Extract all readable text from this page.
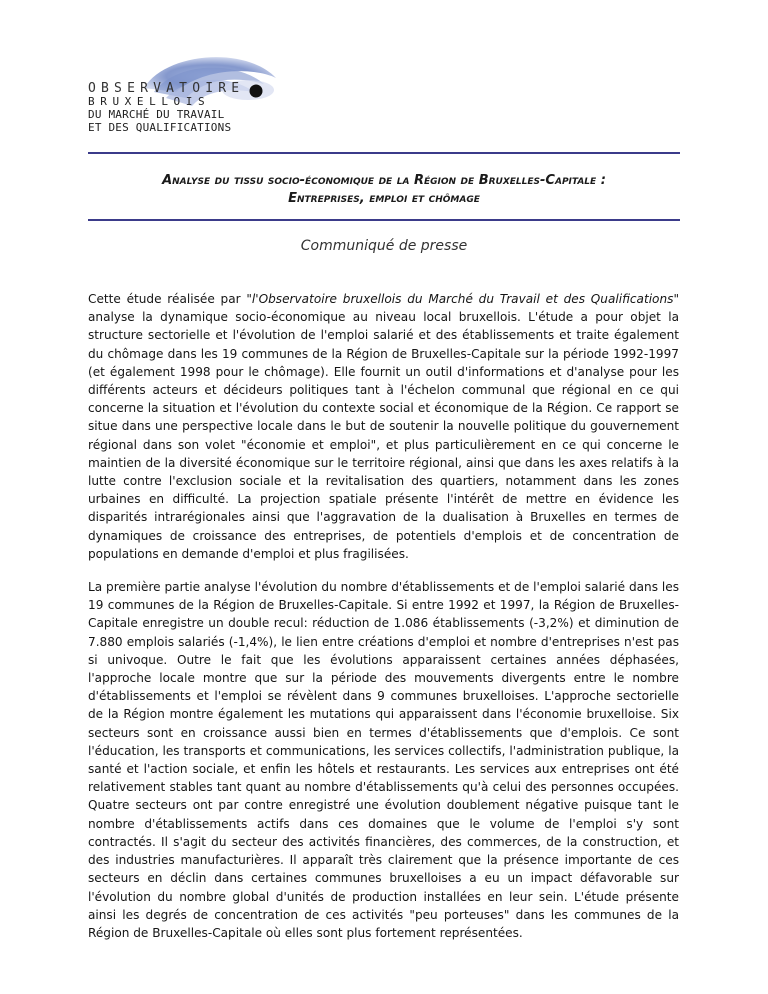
OBSERVATOIRE
BRUXELLOIS
DU MARCHÉ DU TRAVAIL
ET DES QUALIFICATIONS
Analyse du tissu socio-économique de la Région de Bruxelles-Capitale :
Entreprises, emploi et chômage
Communiqué de presse

Cette étude réalisée par "l'Observatoire bruxellois du Marché du Travail et des Qualifications" analyse la dynamique socio-économique au niveau local bruxellois. L'étude a pour objet la structure sectorielle et l'évolution de l'emploi salarié et des établissements et traite également du chômage dans les 19 communes de la Région de Bruxelles-Capitale sur la période 1992-1997 (et également 1998 pour le chômage). Elle fournit un outil d'informations et d'analyse pour les différents acteurs et décideurs politiques tant à l'échelon communal que régional en ce qui concerne la situation et l'évolution du contexte social et économique de la Région. Ce rapport se situe dans une perspective locale dans le but de soutenir la nouvelle politique du gouvernement régional dans son volet "économie et emploi", et plus particulièrement en ce qui concerne le maintien de la diversité économique sur le territoire régional, ainsi que dans les axes relatifs à la lutte contre l'exclusion sociale et la revitalisation des quartiers, notamment dans les zones urbaines en difficulté. La projection spatiale présente l'intérêt de mettre en évidence les disparités intrarégionales ainsi que l'aggravation de la dualisation à Bruxelles en termes de dynamiques de croissance des entreprises, de potentiels d'emplois et de concentration de populations en demande d'emploi et plus fragilisées.

La première partie analyse l'évolution du nombre d'établissements et de l'emploi salarié dans les 19 communes de la Région de Bruxelles-Capitale. Si entre 1992 et 1997, la Région de Bruxelles-Capitale enregistre un double recul: réduction de 1.086 établissements (-3,2%) et diminution de 7.880 emplois salariés (-1,4%), le lien entre créations d'emploi et nombre d'entreprises n'est pas si univoque. Outre le fait que les évolutions apparaissent certaines années déphasées, l'approche locale montre que sur la période des mouvements divergents entre le nombre d'établissements et l'emploi se révèlent dans 9 communes bruxelloises. L'approche sectorielle de la Région montre également les mutations qui apparaissent dans l'économie bruxelloise. Six secteurs sont en croissance aussi bien en termes d'établissements que d'emplois. Ce sont l'éducation, les transports et communications, les services collectifs, l'administration publique, la santé et l'action sociale, et enfin les hôtels et restaurants. Les services aux entreprises ont été relativement stables tant quant au nombre d'établissements qu'à celui des personnes occupées. Quatre secteurs ont par contre enregistré une évolution doublement négative puisque tant le nombre d'établissements actifs dans ces domaines que le volume de l'emploi s'y sont contractés. Il s'agit du secteur des activités financières, des commerces, de la construction, et des industries manufacturières. Il apparaît très clairement que la présence importante de ces secteurs en déclin dans certaines communes bruxelloises a eu un impact défavorable sur l'évolution du nombre global d'unités de production installées en leur sein. L'étude présente ainsi les degrés de concentration de ces activités "peu porteuses" dans les communes de la Région de Bruxelles-Capitale où elles sont plus fortement représentées.
